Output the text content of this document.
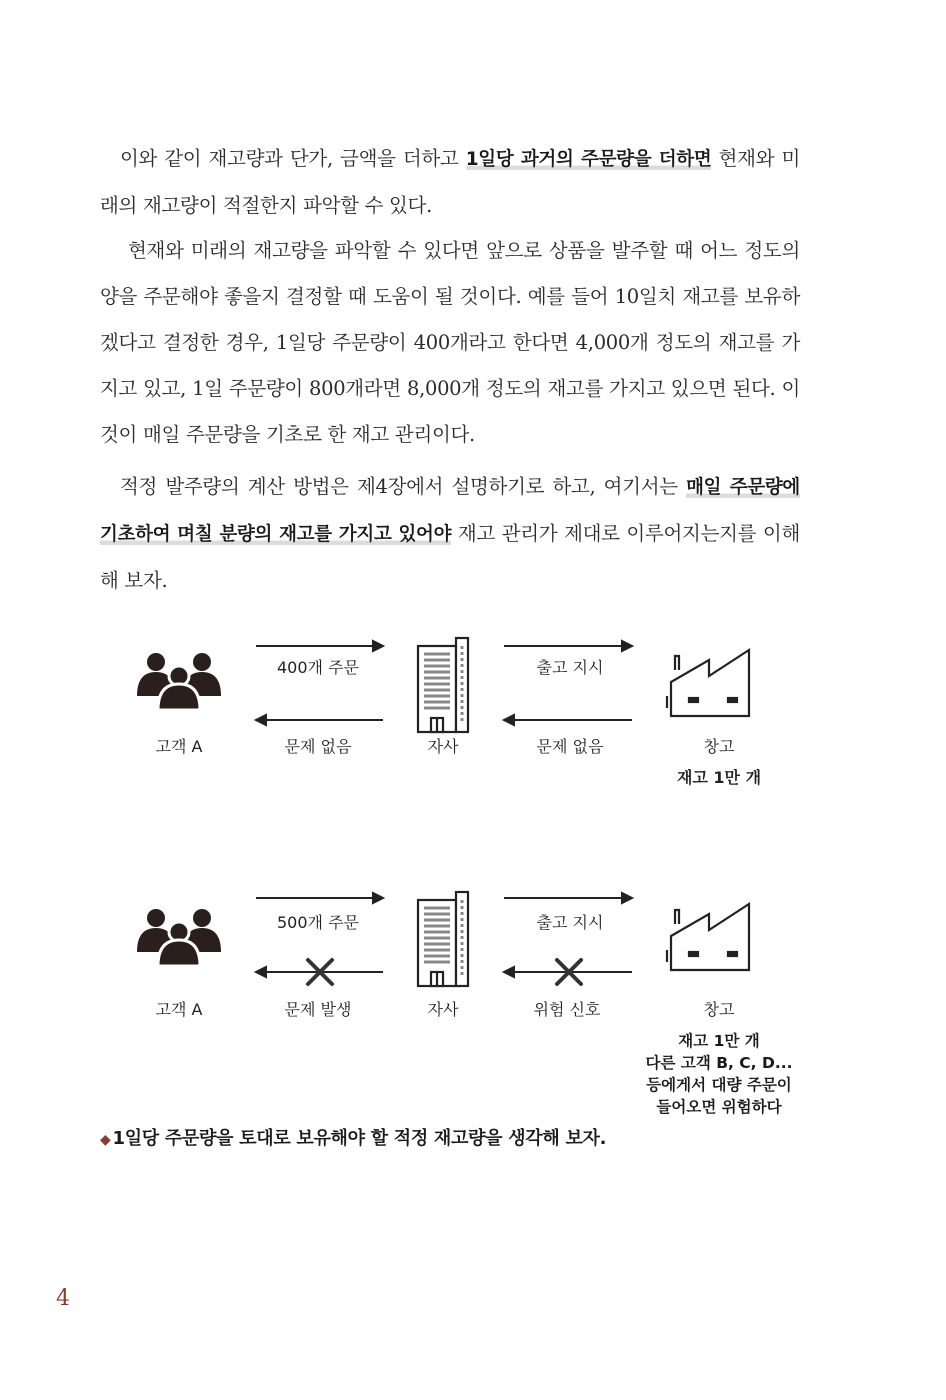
이와 같이 재고량과 단가, 금액을 더하고 1일당 과거의 주문량을 더하면 현재와 미래의 재고량이 적절한지 파악할 수 있다.

현재와 미래의 재고량을 파악할 수 있다면 앞으로 상품을 발주할 때 어느 정도의 양을 주문해야 좋을지 결정할 때 도움이 될 것이다. 예를 들어 10일치 재고를 보유하겠다고 결정한 경우, 1일당 주문량이 400개라고 한다면 4,000개 정도의 재고를 가지고 있고, 1일 주문량이 800개라면 8,000개 정도의 재고를 가지고 있으면 된다. 이것이 매일 주문량을 기초로 한 재고 관리이다.

적정 발주량의 계산 방법은 제4장에서 설명하기로 하고, 여기서는 매일 주문량에 기초하여 며칠 분량의 재고를 가지고 있어야 재고 관리가 제대로 이루어지는지를 이해해 보자.

400개 주문	출고 지시
고객 A	문제 없음	자사	문제 없음	창고
재고 1만 개
500개 주문	출고 지시
고객 A	문제 발생	자사	위험 신호	창고
재고 1만 개
다른 고객 B, C, D...
등에게서 대량 주문이
들어오면 위험하다
◆ 1일당 주문량을 토대로 보유해야 할 적정 재고량을 생각해 보자.
4
